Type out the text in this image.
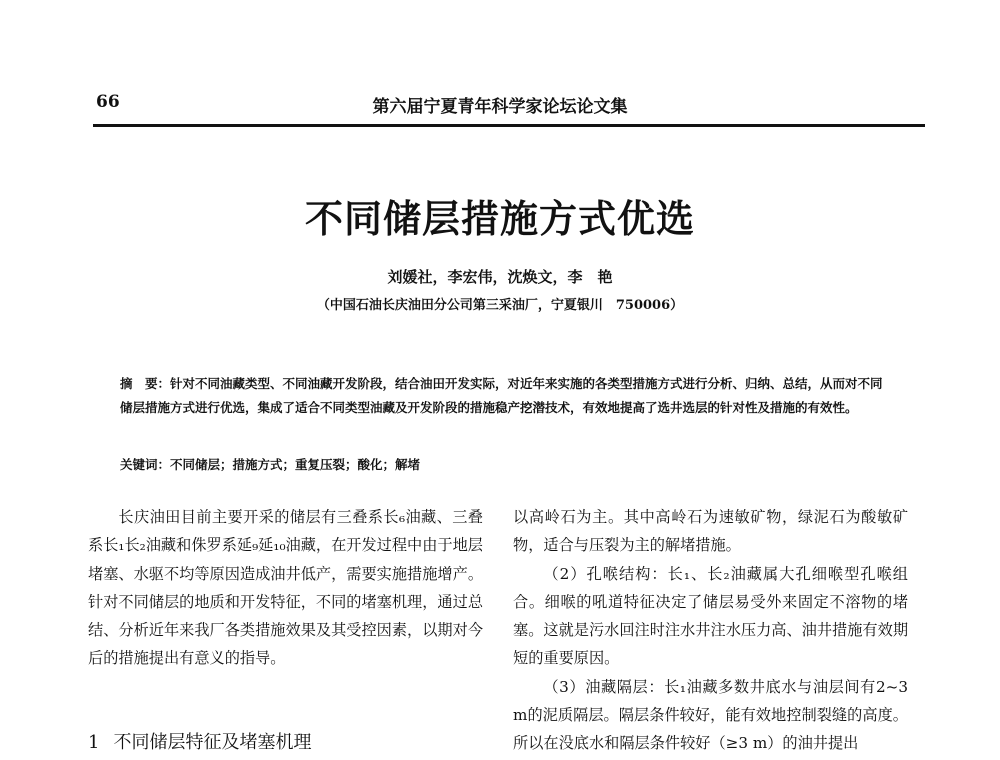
66	第六届宁夏青年科学家论坛论文集
不同储层措施方式优选
刘媛社，李宏伟，沈焕文，李　艳
（中国石油长庆油田分公司第三采油厂，宁夏银川　750006）
摘　要：针对不同油藏类型、不同油藏开发阶段，结合油田开发实际，对近年来实施的各类型措施方式进行分析、归纳、总结，从而对不同储层措施方式进行优选，集成了适合不同类型油藏及开发阶段的措施稳产挖潜技术，有效地提高了选井选层的针对性及措施的有效性。
关键词：不同储层；措施方式；重复压裂；酸化；解堵

长庆油田目前主要开采的储层有三叠系长₆油藏、三叠系长₁长₂油藏和侏罗系延₉延₁₀油藏，在开发过程中由于地层堵塞、水驱不均等原因造成油井低产，需要实施措施增产。针对不同储层的地质和开发特征，不同的堵塞机理，通过总结、分析近年来我厂各类措施效果及其受控因素，以期对今后的措施提出有意义的指导。

1 不同储层特征及堵塞机理

以高岭石为主。其中高岭石为速敏矿物，绿泥石为酸敏矿物，适合与压裂为主的解堵措施。

（2）孔喉结构：长₁、长₂油藏属大孔细喉型孔喉组合。细喉的吼道特征决定了储层易受外来固定不溶物的堵塞。这就是污水回注时注水井注水压力高、油井措施有效期短的重要原因。

（3）油藏隔层：长₁油藏多数井底水与油层间有2~3 m的泥质隔层。隔层条件较好，能有效地控制裂缝的高度。所以在没底水和隔层条件较好（≥3 m）的油井提出
